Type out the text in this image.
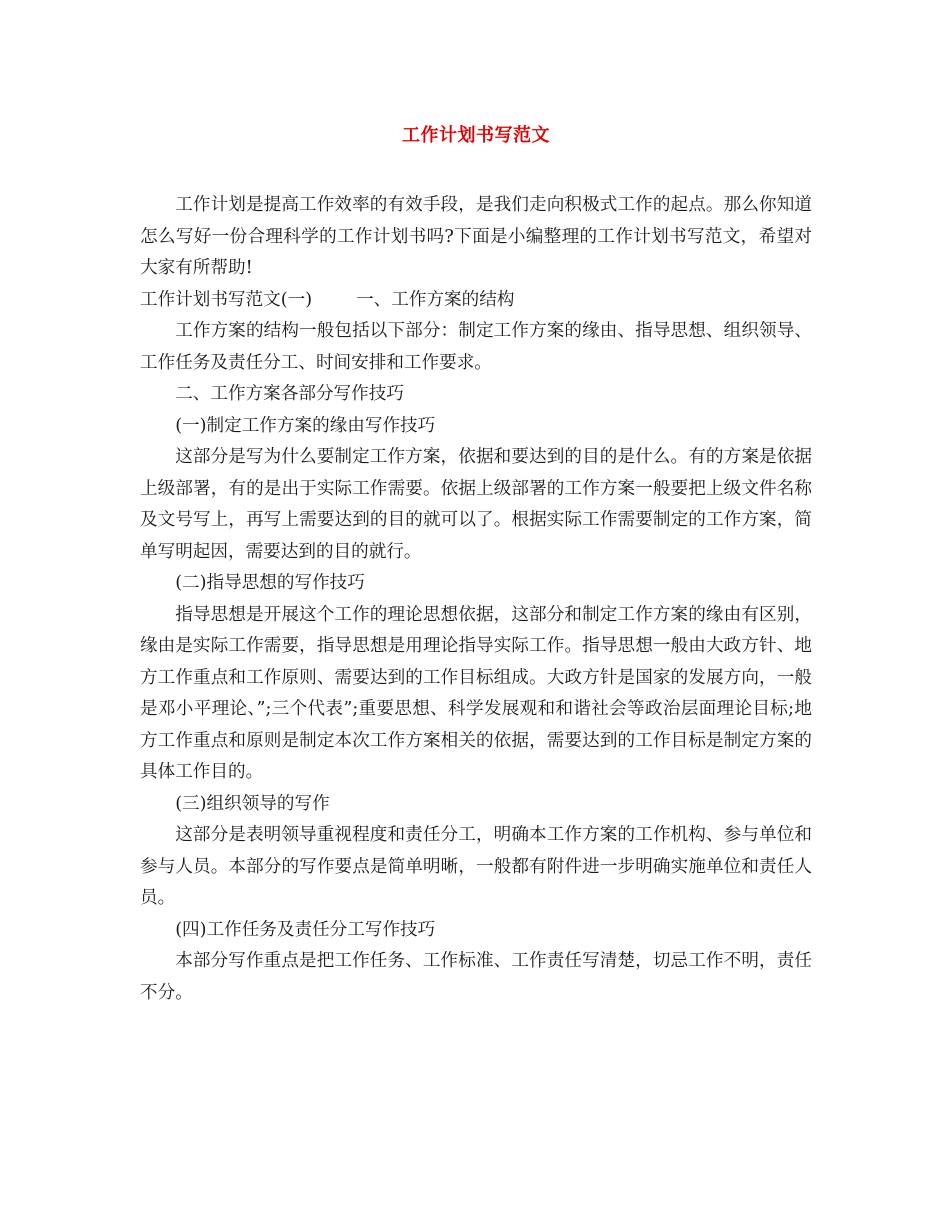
工作计划书写范文

工作计划是提高工作效率的有效手段，是我们走向积极式工作的起点。那么你知道怎么写好一份合理科学的工作计划书吗?下面是小编整理的工作计划书写范文，希望对大家有所帮助!

工作计划书写范文(一)	一、工作方案的结构

工作方案的结构一般包括以下部分：制定工作方案的缘由、指导思想、组织领导、工作任务及责任分工、时间安排和工作要求。

二、工作方案各部分写作技巧

(一)制定工作方案的缘由写作技巧

这部分是写为什么要制定工作方案，依据和要达到的目的是什么。有的方案是依据上级部署，有的是出于实际工作需要。依据上级部署的工作方案一般要把上级文件名称及文号写上，再写上需要达到的目的就可以了。根据实际工作需要制定的工作方案，简单写明起因，需要达到的目的就行。

(二)指导思想的写作技巧

指导思想是开展这个工作的理论思想依据，这部分和制定工作方案的缘由有区别，缘由是实际工作需要，指导思想是用理论指导实际工作。指导思想一般由大政方针、地方工作重点和工作原则、需要达到的工作目标组成。大政方针是国家的发展方向，一般是邓小平理论、”;三个代表”;重要思想、科学发展观和和谐社会等政治层面理论目标;地方工作重点和原则是制定本次工作方案相关的依据，需要达到的工作目标是制定方案的具体工作目的。

(三)组织领导的写作

这部分是表明领导重视程度和责任分工，明确本工作方案的工作机构、参与单位和参与人员。本部分的写作要点是简单明晰，一般都有附件进一步明确实施单位和责任人员。

(四)工作任务及责任分工写作技巧

本部分写作重点是把工作任务、工作标准、工作责任写清楚，切忌工作不明，责任不分。
